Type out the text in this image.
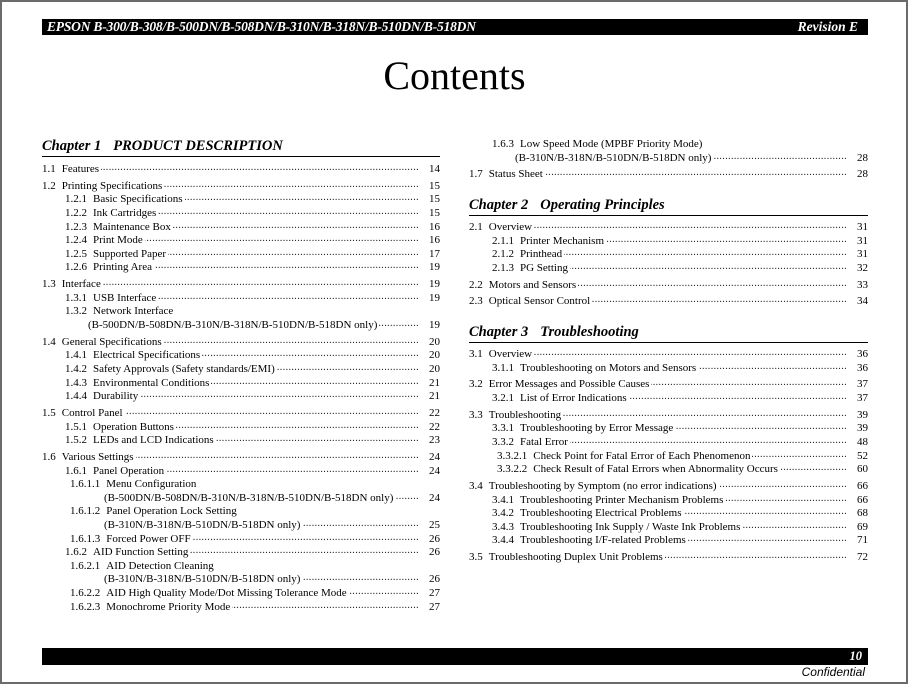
EPSON B-300/B-308/B-500DN/B-508DN/B-310N/B-318N/B-510DN/B-518DN	Revision E
Contents
Chapter 1 PRODUCT DESCRIPTION
1.1 Features .....	14
1.2 Printing Specifications .....	15
1.2.1 Basic Specifications .....	15
1.2.2 Ink Cartridges .....	15
1.2.3 Maintenance Box .....	16
1.2.4 Print Mode .....	16
1.2.5 Supported Paper .....	17
1.2.6 Printing Area .....	19
1.3 Interface .....	19
1.3.1 USB Interface .....	19
1.3.2 Network Interface
(B-500DN/B-508DN/B-310N/B-318N/B-510DN/B-518DN only) .....	19
1.4 General Specifications .....	20
1.4.1 Electrical Specifications .....	20
1.4.2 Safety Approvals (Safety standards/EMI) .....	20
1.4.3 Environmental Conditions .....	21
1.4.4 Durability .....	21
1.5 Control Panel .....	22
1.5.1 Operation Buttons .....	22
1.5.2 LEDs and LCD Indications .....	23
1.6 Various Settings .....	24
1.6.1 Panel Operation .....	24
1.6.1.1 Menu Configuration
(B-500DN/B-508DN/B-310N/B-318N/B-510DN/B-518DN only) .....	24
1.6.1.2 Panel Operation Lock Setting
(B-310N/B-318N/B-510DN/B-518DN only) .....	25
1.6.1.3 Forced Power OFF .....	26
1.6.2 AID Function Setting .....	26
1.6.2.1 AID Detection Cleaning
(B-310N/B-318N/B-510DN/B-518DN only) .....	26
1.6.2.2 AID High Quality Mode/Dot Missing Tolerance Mode .....	27
1.6.2.3 Monochrome Priority Mode .....	27
1.6.3 Low Speed Mode (MPBF Priority Mode)
(B-310N/B-318N/B-510DN/B-518DN only) .....	28
1.7 Status Sheet .....	28
Chapter 2 Operating Principles
2.1 Overview .....	31
2.1.1 Printer Mechanism .....	31
2.1.2 Printhead .....	31
2.1.3 PG Setting .....	32
2.2 Motors and Sensors .....	33
2.3 Optical Sensor Control .....	34
Chapter 3 Troubleshooting
3.1 Overview .....	36
3.1.1 Troubleshooting on Motors and Sensors .....	36
3.2 Error Messages and Possible Causes .....	37
3.2.1 List of Error Indications .....	37
3.3 Troubleshooting .....	39
3.3.1 Troubleshooting by Error Message .....	39
3.3.2 Fatal Error .....	48
3.3.2.1 Check Point for Fatal Error of Each Phenomenon .....	52
3.3.2.2 Check Result of Fatal Errors when Abnormality Occurs .....	60
3.4 Troubleshooting by Symptom (no error indications) .....	66
3.4.1 Troubleshooting Printer Mechanism Problems .....	66
3.4.2 Troubleshooting Electrical Problems .....	68
3.4.3 Troubleshooting Ink Supply / Waste Ink Problems .....	69
3.4.4 Troubleshooting I/F-related Problems .....	71
3.5 Troubleshooting Duplex Unit Problems .....	72
10
Confidential
